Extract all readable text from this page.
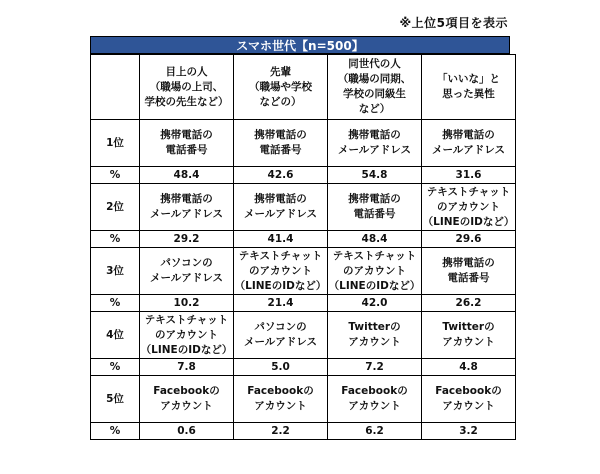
※上位5項目を表示
スマホ世代【n=500】

	目上の人
（職場の上司、
学校の先生など）	先輩
（職場や学校
などの）	同世代の人
（職場の同期、
学校の同級生
など）	「いいな」と
思った異性

1位	携帯電話の
電話番号	携帯電話の
電話番号	携帯電話の
メールアドレス	携帯電話の
メールアドレス

%	48.4	42.6	54.8	31.6
2位	携帯電話の
メールアドレス	携帯電話の
メールアドレス	携帯電話の
電話番号	テキストチャット
のアカウント
（LINEのIDなど）

%	29.2	41.4	48.4	29.6
3位	パソコンの
メールアドレス	テキストチャット
のアカウント
（LINEのIDなど）	テキストチャット
のアカウント
（LINEのIDなど）	携帯電話の
電話番号

%	10.2	21.4	42.0	26.2
4位	テキストチャット
のアカウント
（LINEのIDなど）	パソコンの
メールアドレス	Twitterの
アカウント	Twitterの
アカウント

%	7.8	5.0	7.2	4.8
5位	Facebookの
アカウント	Facebookの
アカウント	Facebookの
アカウント	Facebookの
アカウント

%	0.6	2.2	6.2	3.2
